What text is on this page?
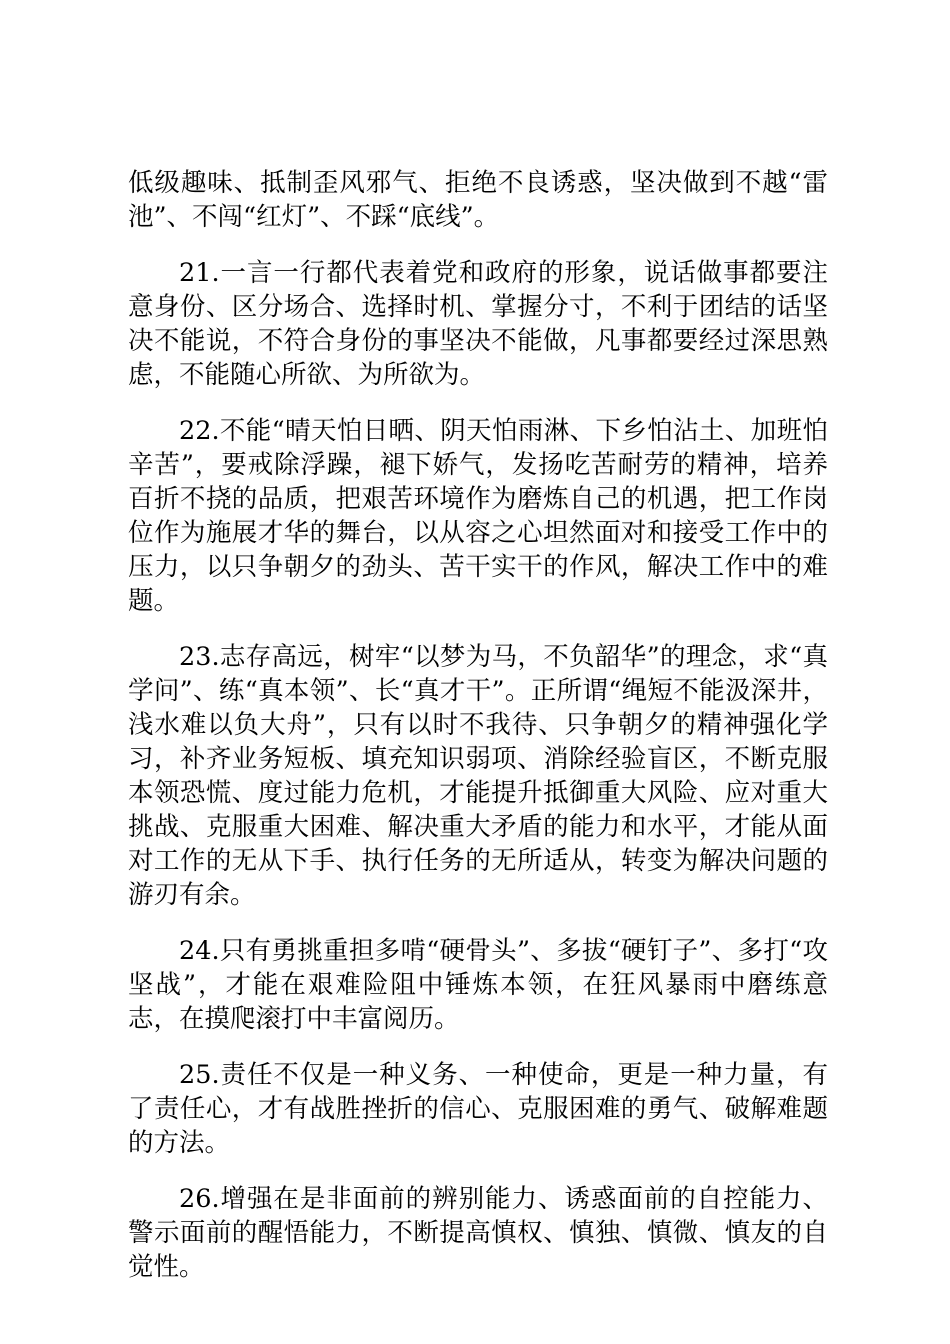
低级趣味、抵制歪风邪气、拒绝不良诱惑，坚决做到不越“雷池”、不闯“红灯”、不踩“底线”。

21.一言一行都代表着党和政府的形象，说话做事都要注意身份、区分场合、选择时机、掌握分寸，不利于团结的话坚决不能说，不符合身份的事坚决不能做，凡事都要经过深思熟虑，不能随心所欲、为所欲为。

22.不能“晴天怕日晒、阴天怕雨淋、下乡怕沾土、加班怕辛苦”，要戒除浮躁，褪下娇气，发扬吃苦耐劳的精神，培养百折不挠的品质，把艰苦环境作为磨炼自己的机遇，把工作岗位作为施展才华的舞台，以从容之心坦然面对和接受工作中的压力，以只争朝夕的劲头、苦干实干的作风，解决工作中的难题。

23.志存高远，树牢“以梦为马，不负韶华”的理念，求“真学问”、练“真本领”、长“真才干”。正所谓“绳短不能汲深井，浅水难以负大舟”，只有以时不我待、只争朝夕的精神强化学习，补齐业务短板、填充知识弱项、消除经验盲区，不断克服本领恐慌、度过能力危机，才能提升抵御重大风险、应对重大挑战、克服重大困难、解决重大矛盾的能力和水平，才能从面对工作的无从下手、执行任务的无所适从，转变为解决问题的游刃有余。

24.只有勇挑重担多啃“硬骨头”、多拔“硬钉子”、多打“攻坚战”，才能在艰难险阻中锤炼本领，在狂风暴雨中磨练意志，在摸爬滚打中丰富阅历。

25.责任不仅是一种义务、一种使命，更是一种力量，有了责任心，才有战胜挫折的信心、克服困难的勇气、破解难题的方法。

26.增强在是非面前的辨别能力、诱惑面前的自控能力、警示面前的醒悟能力，不断提高慎权、慎独、慎微、慎友的自觉性。
